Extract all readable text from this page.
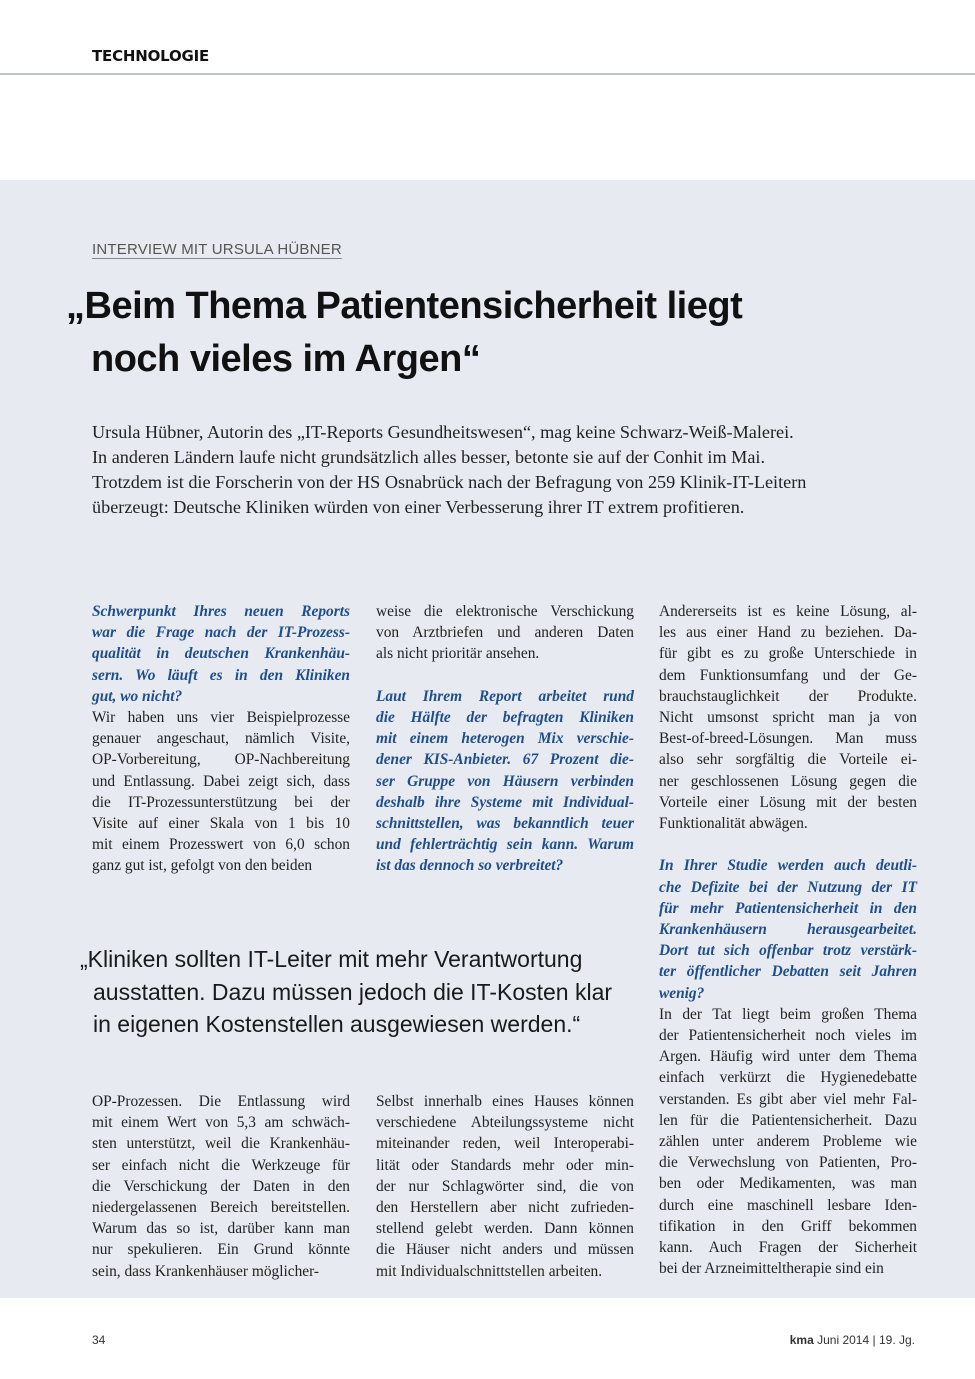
TECHNOLOGIE
INTERVIEW MIT URSULA HÜBNER
„Beim Thema Patientensicherheit liegt
noch vieles im Argen“
Ursula Hübner, Autorin des „IT-Reports Gesundheitswesen“, mag keine Schwarz-Weiß-Malerei.
In anderen Ländern laufe nicht grundsätzlich alles besser, betonte sie auf der Conhit im Mai.
Trotzdem ist die Forscherin von der HS Osnabrück nach der Befragung von 259 Klinik-IT-Leitern
überzeugt: Deutsche Kliniken würden von einer Verbesserung ihrer IT extrem profitieren.

Schwerpunkt Ihres neuen Reports
war die Frage nach der IT-Prozess-
qualität in deutschen Krankenhäu-
sern. Wo läuft es in den Kliniken
gut, wo nicht?

Wir haben uns vier Beispielprozesse
genauer angeschaut, nämlich Visite,
OP-Vorbereitung, OP-Nachbereitung
und Entlassung. Dabei zeigt sich, dass
die IT-Prozessunterstützung bei der
Visite auf einer Skala von 1 bis 10
mit einem Prozesswert von 6,0 schon
ganz gut ist, gefolgt von den beiden

weise die elektronische Verschickung
von Arztbriefen und anderen Daten
als nicht prioritär ansehen.

Laut Ihrem Report arbeitet rund
die Hälfte der befragten Kliniken
mit einem heterogen Mix verschie-
dener KIS-Anbieter. 67 Prozent die-
ser Gruppe von Häusern verbinden
deshalb ihre Systeme mit Individual-
schnittstellen, was bekanntlich teuer
und fehlerträchtig sein kann. Warum
ist das dennoch so verbreitet?

Andererseits ist es keine Lösung, al-
les aus einer Hand zu beziehen. Da-
für gibt es zu große Unterschiede in
dem Funktionsumfang und der Ge-
brauchstauglichkeit der Produkte.
Nicht umsonst spricht man ja von
Best-of-breed-Lösungen. Man muss
also sehr sorgfältig die Vorteile ei-
ner geschlossenen Lösung gegen die
Vorteile einer Lösung mit der besten
Funktionalität abwägen.

In Ihrer Studie werden auch deutli-
che Defizite bei der Nutzung der IT
für mehr Patientensicherheit in den
Krankenhäusern herausgearbeitet.
Dort tut sich offenbar trotz verstärk-
ter öffentlicher Debatten seit Jahren
wenig?

In der Tat liegt beim großen Thema
der Patientensicherheit noch vieles im
Argen. Häufig wird unter dem Thema
einfach verkürzt die Hygienedebatte
verstanden. Es gibt aber viel mehr Fal-
len für die Patientensicherheit. Dazu
zählen unter anderem Probleme wie
die Verwechslung von Patienten, Pro-
ben oder Medikamenten, was man
durch eine maschinell lesbare Iden-
tifikation in den Griff bekommen
kann. Auch Fragen der Sicherheit
bei der Arzneimitteltherapie sind ein

„Kliniken sollten IT-Leiter mit mehr Verantwortung
ausstatten. Dazu müssen jedoch die IT-Kosten klar
in eigenen Kostenstellen ausgewiesen werden.“

OP-Prozessen. Die Entlassung wird
mit einem Wert von 5,3 am schwäch-
sten unterstützt, weil die Krankenhäu-
ser einfach nicht die Werkzeuge für
die Verschickung der Daten in den
niedergelassenen Bereich bereitstellen.
Warum das so ist, darüber kann man
nur spekulieren. Ein Grund könnte
sein, dass Krankenhäuser möglicher-

Selbst innerhalb eines Hauses können
verschiedene Abteilungssysteme nicht
miteinander reden, weil Interoperabi-
lität oder Standards mehr oder min-
der nur Schlagwörter sind, die von
den Herstellern aber nicht zufrieden-
stellend gelebt werden. Dann können
die Häuser nicht anders und müssen
mit Individualschnittstellen arbeiten.

34	kma Juni 2014 | 19. Jg.
